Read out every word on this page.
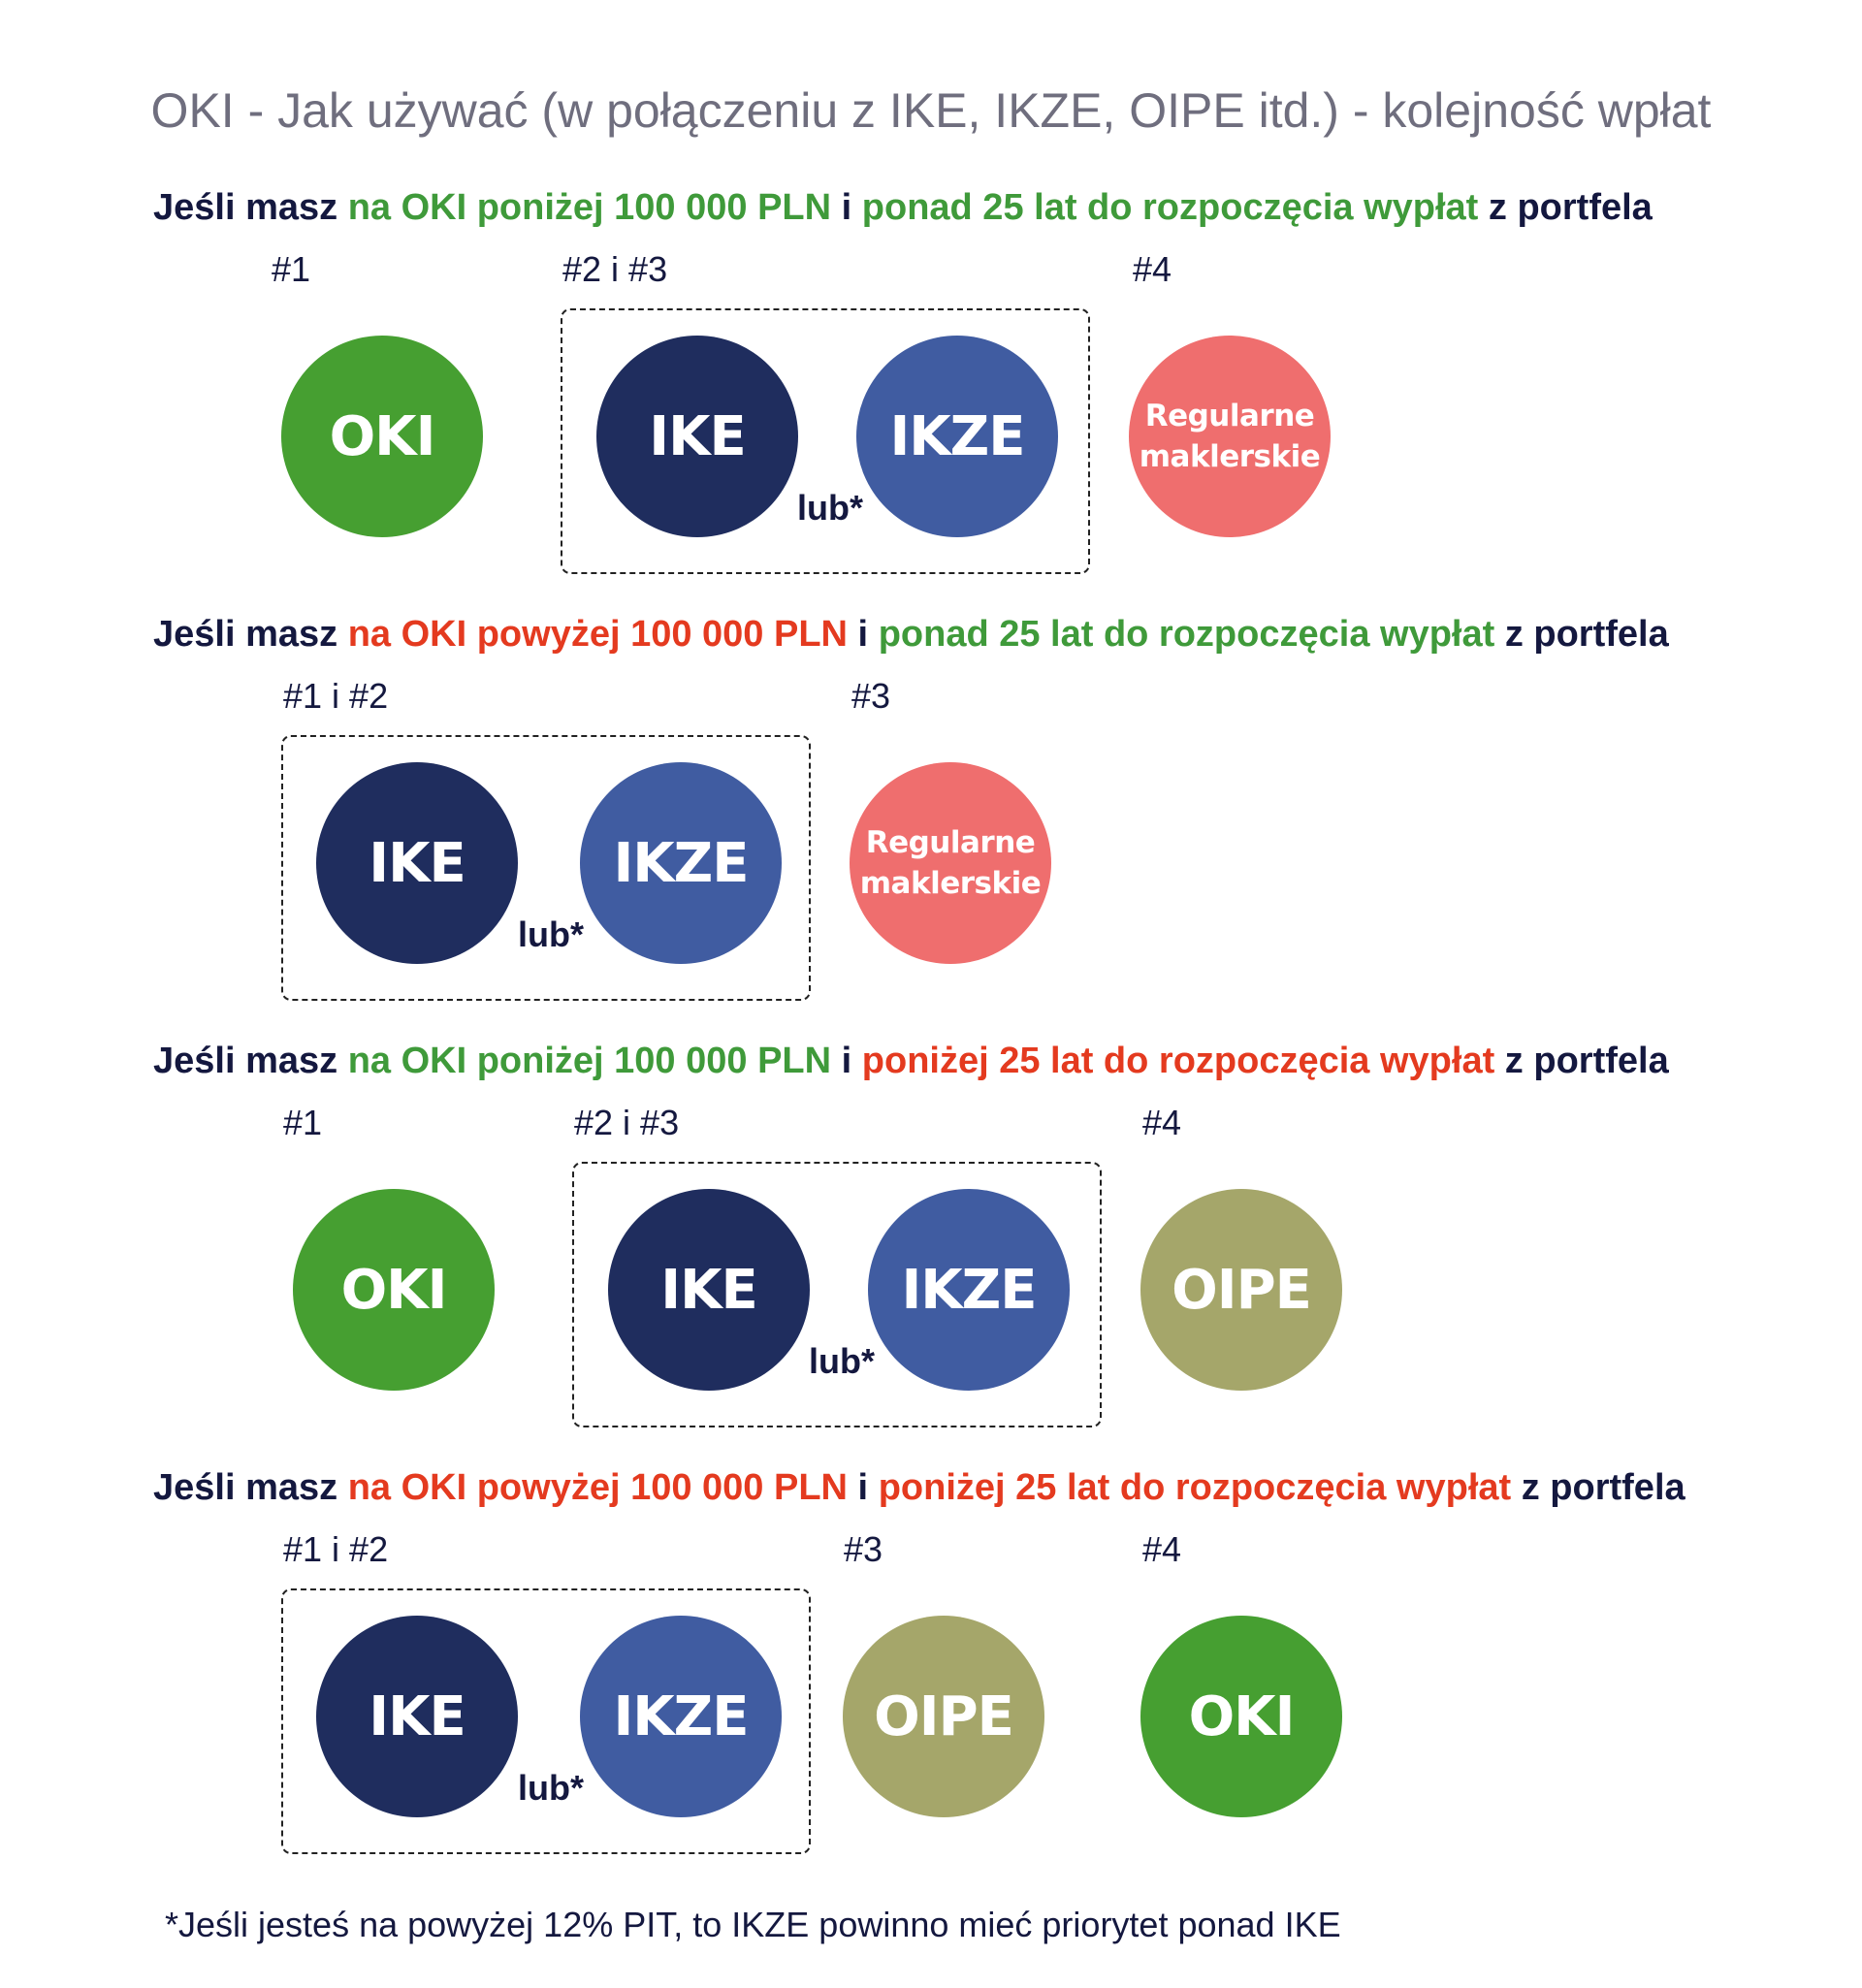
OKI - Jak używać (w połączeniu z IKE, IKZE, OIPE itd.) - kolejność wpłat
Jeśli masz na OKI poniżej 100 000 PLN i ponad 25 lat do rozpoczęcia wypłat z portfela
#1	#2 i #3	#4
OKI	IKE	IKZE
lub*
Regularne maklerskie
Jeśli masz na OKI powyżej 100 000 PLN i ponad 25 lat do rozpoczęcia wypłat z portfela
#1 i #2	#3
IKE	IKZE
lub*
Regularne maklerskie
Jeśli masz na OKI poniżej 100 000 PLN i poniżej 25 lat do rozpoczęcia wypłat z portfela
#1	#2 i #3	#4
OKI	IKE	IKZE
lub*
OIPE
Jeśli masz na OKI powyżej 100 000 PLN i poniżej 25 lat do rozpoczęcia wypłat z portfela
#1 i #2	#3	#4
IKE	IKZE
lub*
OIPE	OKI
*Jeśli jesteś na powyżej 12% PIT, to IKZE powinno mieć priorytet ponad IKE
